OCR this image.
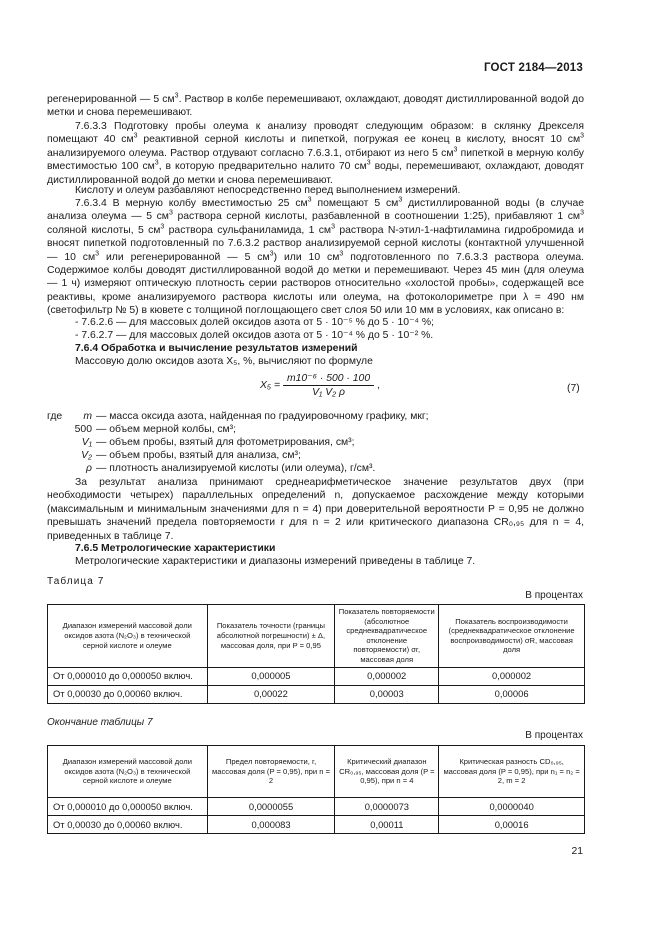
ГОСТ 2184—2013
регенерированной — 5 $см^3$. Раствор в колбе перемешивают, охлаждают, доводят дистиллированной водой до метки и снова перемешивают.
7.6.3.3 Подготовку пробы олеума к анализу проводят следующим образом: в склянку Дрекселя помещают 40 $см^3$ реактивной серной кислоты и пипеткой, погружая ее конец в кислоту, вносят 10 $см^3$ анализируемого олеума. Раствор отдувают согласно 7.6.3.1, отбирают из него 5 $см^3$ пипеткой в мерную колбу вместимостью 100 $см^3$, в которую предварительно налито 70 $см^3$ воды, перемешивают, охлаждают, доводят дистиллированной водой до метки и снова перемешивают.
Кислоту и олеум разбавляют непосредственно перед выполнением измерений.
7.6.3.4 В мерную колбу вместимостью 25 $см^3$ помещают 5 $см^3$ дистиллированной воды (в случае анализа олеума — 5 $см^3$ раствора серной кислоты, разбавленной в соотношении 1:25), прибавляют 1 $см^3$ соляной кислоты, 5 $см^3$ раствора сульфаниламида, 1 $см^3$ раствора N-этил-1-нафтиламина гидробромида и вносят пипеткой подготовленный по 7.6.3.2 раствор анализируемой серной кислоты (контактной улучшенной — 10 $см^3$ или регенерированной — 5 $см^3$) или 10 $см^3$ подготовленного по 7.6.3.3 раствора олеума. Содержимое колбы доводят дистиллированной водой до метки и перемешивают. Через 45 мин (для олеума — 1 ч) измеряют оптическую плотность серии растворов относительно «холостой пробы», содержащей все реактивы, кроме анализируемого раствора кислоты или олеума, на фотоколориметре при λ = 490 нм (светофильтр № 5) в кювете с толщиной поглощающего свет слоя 50 или 10 мм в условиях, как описано в:
- 7.6.2.6 — для массовых долей оксидов азота от 5 · 10⁻⁵ % до 5 · 10⁻⁴ %;
- 7.6.2.7 — для массовых долей оксидов азота от 5 · 10⁻⁴ % до 5 · 10⁻² %.
7.6.4 Обработка и вычисление результатов измерений
Массовую долю оксидов азота X₅, %, вычисляют по формуле
$X_5 = \frac{\text{m10⁻⁶ · 500 · 100}}{\text{V₁ V₂ ρ}}$ ,	(7)
где	m — масса оксида азота, найденная по градуировочному графику, мкг;
500 — объем мерной колбы, см³;
V₁ — объем пробы, взятый для фотометрирования, см³;
V₂ — объем пробы, взятый для анализа, см³;
ρ — плотность анализируемой кислоты (или олеума), г/см³.
За результат анализа принимают среднеарифметическое значение результатов двух (при необходимости четырех) параллельных определений n, допускаемое расхождение между которыми (максимальным и минимальным значениями для n = 4) при доверительной вероятности P = 0,95 не должно превышать значений предела повторяемости r для n = 2 или критического диапазона CR₀,₉₅ для n = 4, приведенных в таблице 7.
7.6.5 Метрологические характеристики
Метрологические характеристики и диапазоны измерений приведены в таблице 7.
Таблица 7
В процентах
Диапазон измерений массовой доли оксидов азота (N₂O₃) в технической серной кислоте и олеуме	Показатель точности (границы абсолютной погрешности) ± Δ, массовая доля, при P = 0,95	Показатель повторяемости (абсолютное среднеквадратическое отклонение повторяемости) σr, массовая доля	Показатель воспроизводимости (среднеквадратическое отклонение воспроизводимости) σR, массовая доля
От 0,000010 до 0,000050 включ.	0,000005	0,000002	0,000002
От 0,00030 до 0,00060 включ.	0,00022	0,00003	0,00006
Окончание таблицы 7
В процентах
Диапазон измерений массовой доли оксидов азота (N₂O₃) в технической серной кислоте и олеуме	Предел повторяемости, r, массовая доля (P = 0,95), при n = 2	Критический диапазон CR₀,₉₅, массовая доля (P = 0,95), при n = 4	Критическая разность CD₀,₉₅, массовая доля (P = 0,95), при n₁ = n₂ = 2, m = 2
От 0,000010 до 0,000050 включ.	0,0000055	0,0000073	0,0000040
От 0,00030 до 0,00060 включ.	0,000083	0,00011	0,00016
21
